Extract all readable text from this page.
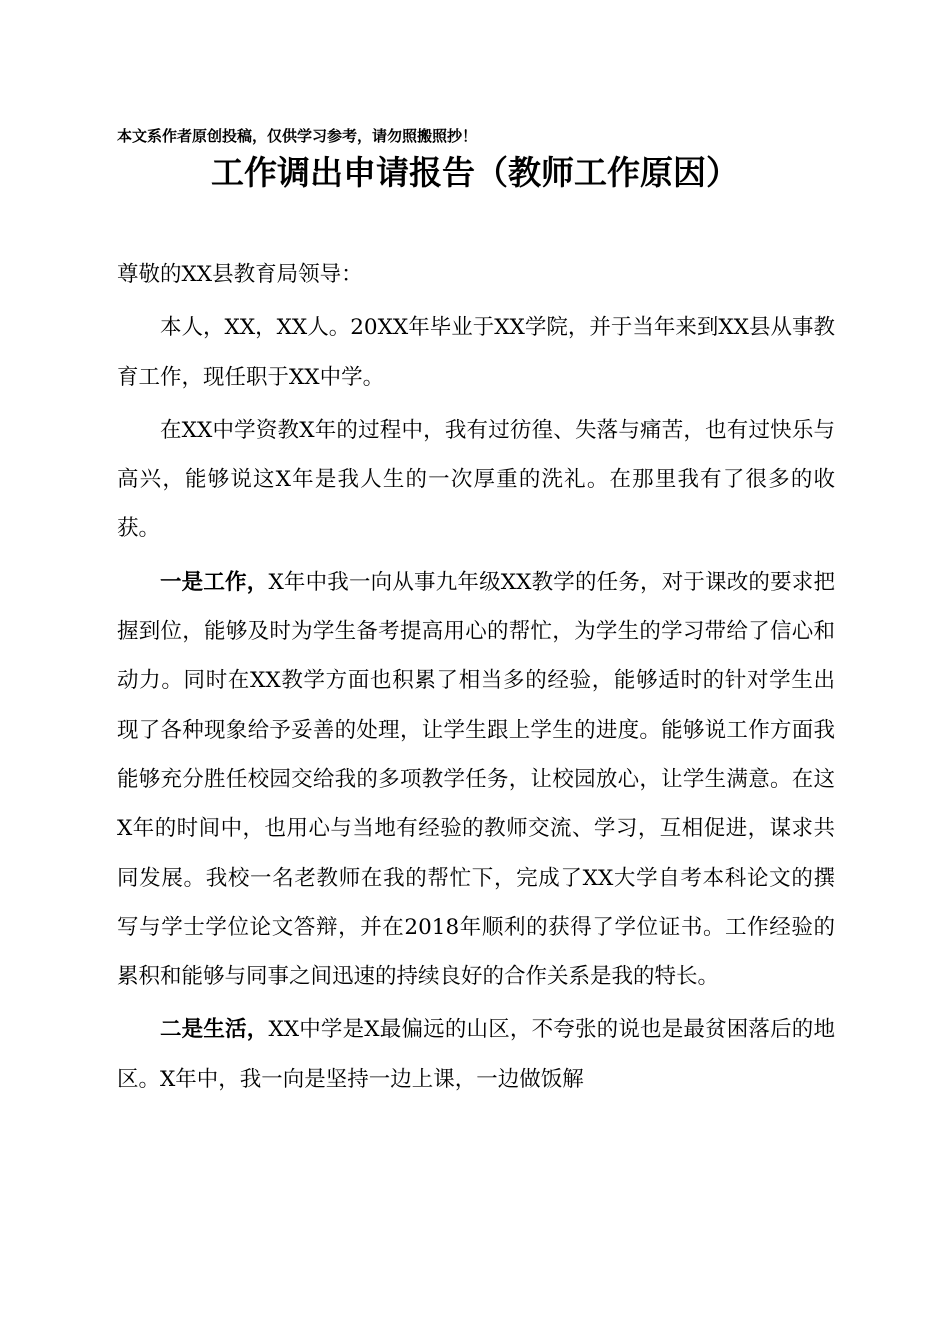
本文系作者原创投稿，仅供学习参考，请勿照搬照抄！
工作调出申请报告（教师工作原因）

尊敬的XX县教育局领导：

本人，XX，XX人。20XX年毕业于XX学院，并于当年来到XX县从事教育工作，现任职于XX中学。

在XX中学资教X年的过程中，我有过彷徨、失落与痛苦，也有过快乐与高兴，能够说这X年是我人生的一次厚重的洗礼。在那里我有了很多的收获。

一是工作，X年中我一向从事九年级XX教学的任务，对于课改的要求把握到位，能够及时为学生备考提高用心的帮忙，为学生的学习带给了信心和动力。同时在XX教学方面也积累了相当多的经验，能够适时的针对学生出现了各种现象给予妥善的处理，让学生跟上学生的进度。能够说工作方面我能够充分胜任校园交给我的多项教学任务，让校园放心，让学生满意。在这X年的时间中，也用心与当地有经验的教师交流、学习，互相促进，谋求共同发展。我校一名老教师在我的帮忙下，完成了XX大学自考本科论文的撰写与学士学位论文答辩，并在2018年顺利的获得了学位证书。工作经验的累积和能够与同事之间迅速的持续良好的合作关系是我的特长。

二是生活，XX中学是X最偏远的山区，不夸张的说也是最贫困落后的地区。X年中，我一向是坚持一边上课，一边做饭解
